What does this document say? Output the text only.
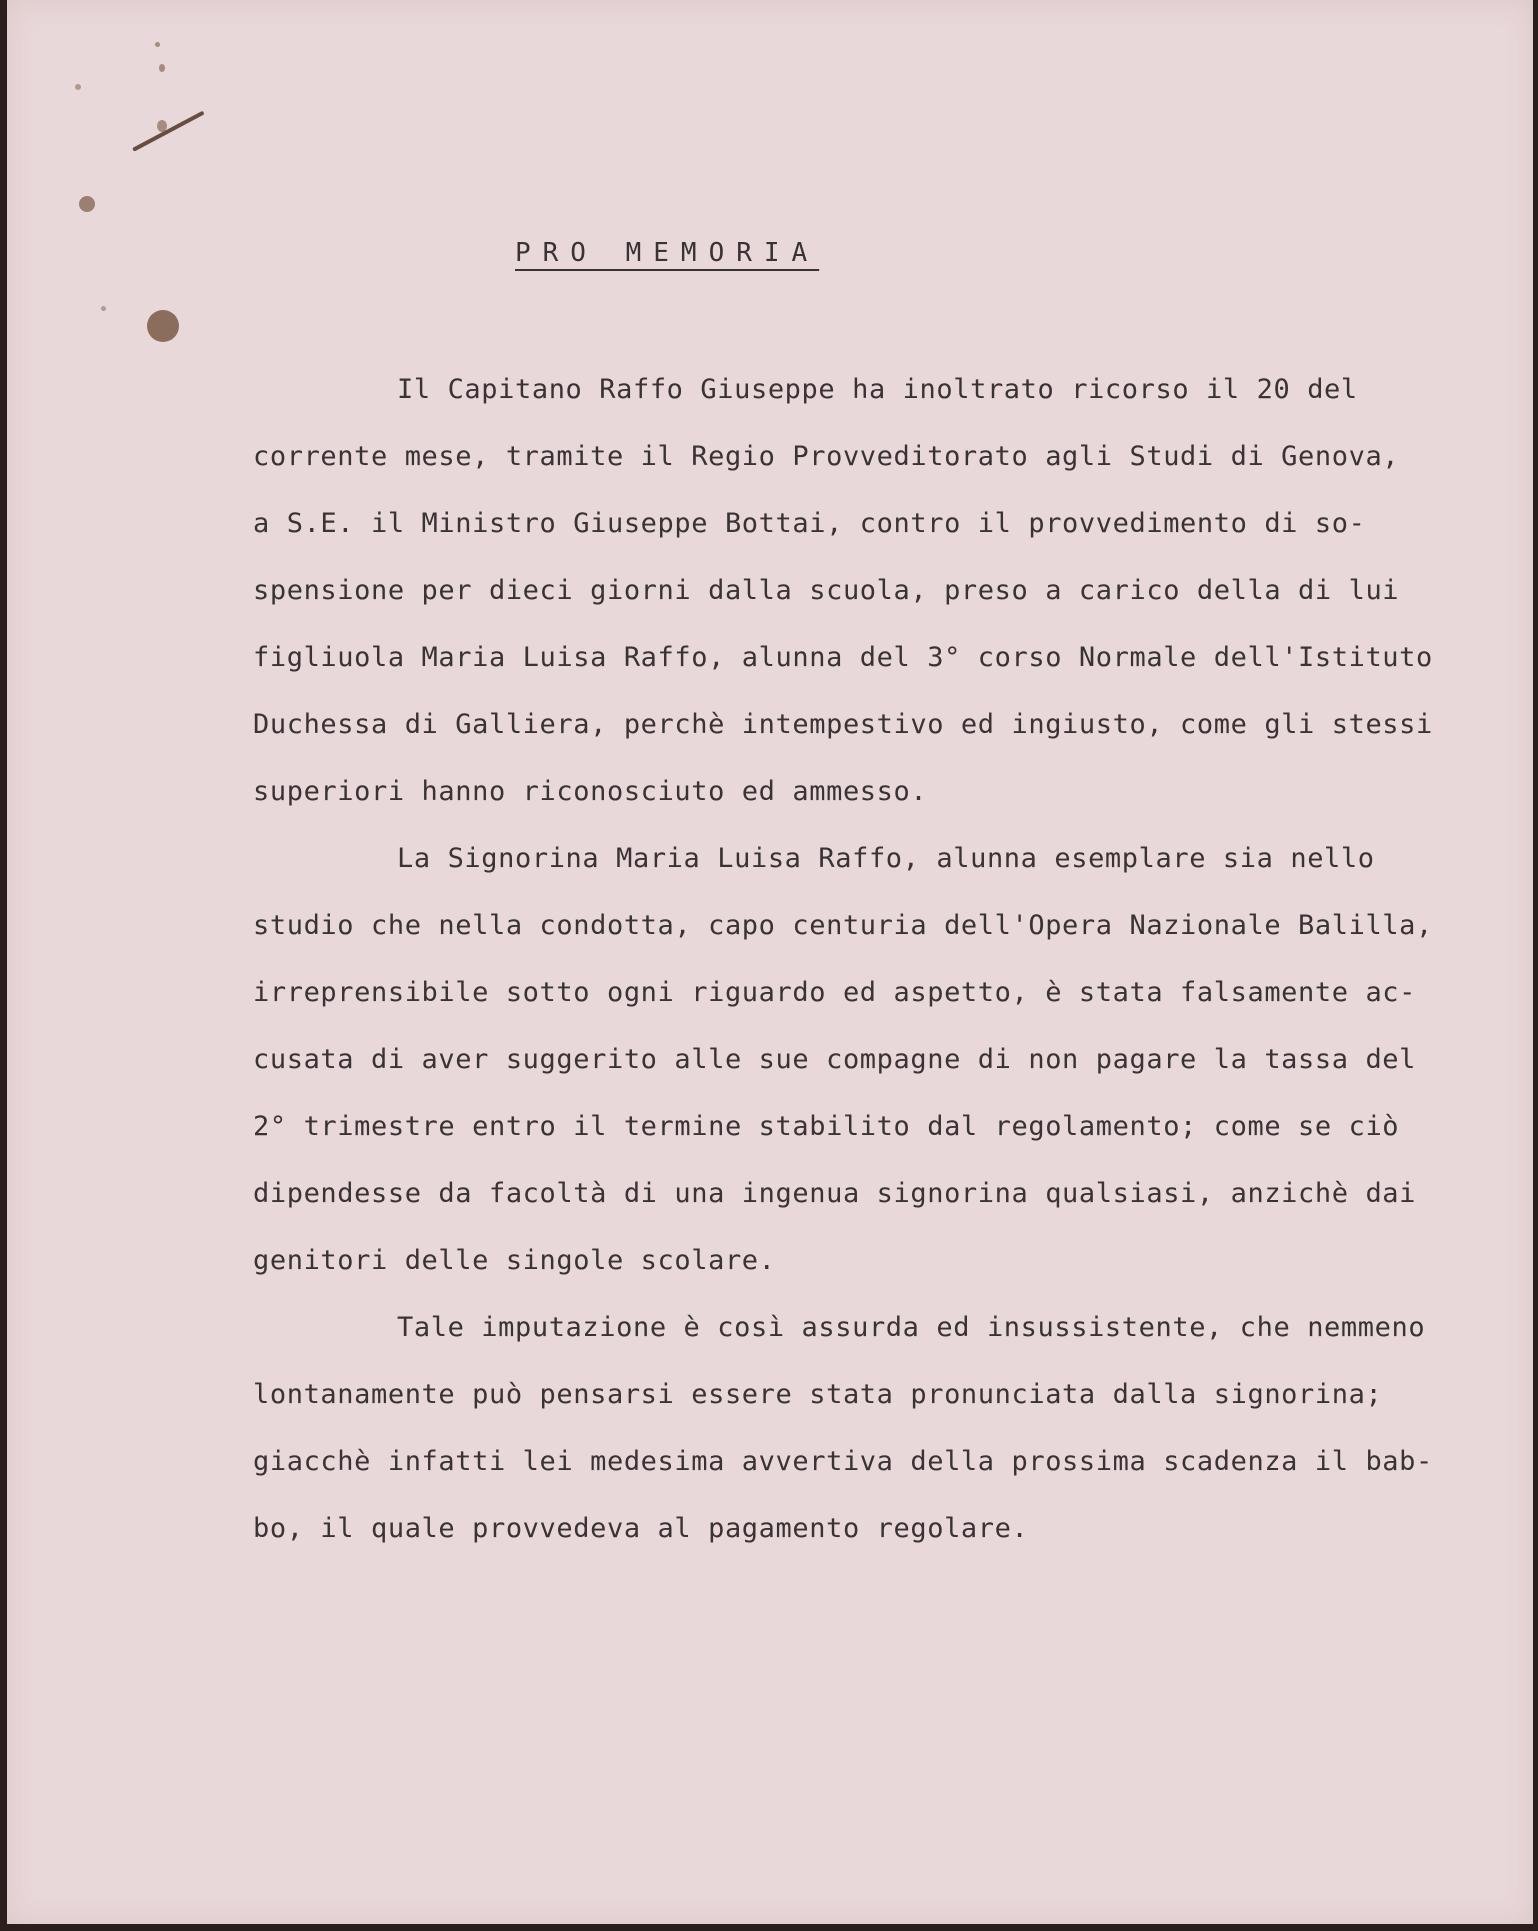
PRO MEMORIA
Il Capitano Raffo Giuseppe ha inoltrato ricorso il 20 del
corrente mese, tramite il Regio Provveditorato agli Studi di Genova,
a S.E. il Ministro Giuseppe Bottai, contro il provvedimento di so-
spensione per dieci giorni dalla scuola, preso a carico della di lui
figliuola Maria Luisa Raffo, alunna del 3° corso Normale dell'Istituto
Duchessa di Galliera, perchè intempestivo ed ingiusto, come gli stessi
superiori hanno riconosciuto ed ammesso.
La Signorina Maria Luisa Raffo, alunna esemplare sia nello
studio che nella condotta, capo centuria dell'Opera Nazionale Balilla,
irreprensibile sotto ogni riguardo ed aspetto, è stata falsamente ac-
cusata di aver suggerito alle sue compagne di non pagare la tassa del
2° trimestre entro il termine stabilito dal regolamento; come se ciò
dipendesse da facoltà di una ingenua signorina qualsiasi, anzichè dai
genitori delle singole scolare.
Tale imputazione è così assurda ed insussistente, che nemmeno
lontanamente può pensarsi essere stata pronunciata dalla signorina;
giacchè infatti lei medesima avvertiva della prossima scadenza il bab-
bo, il quale provvedeva al pagamento regolare.
